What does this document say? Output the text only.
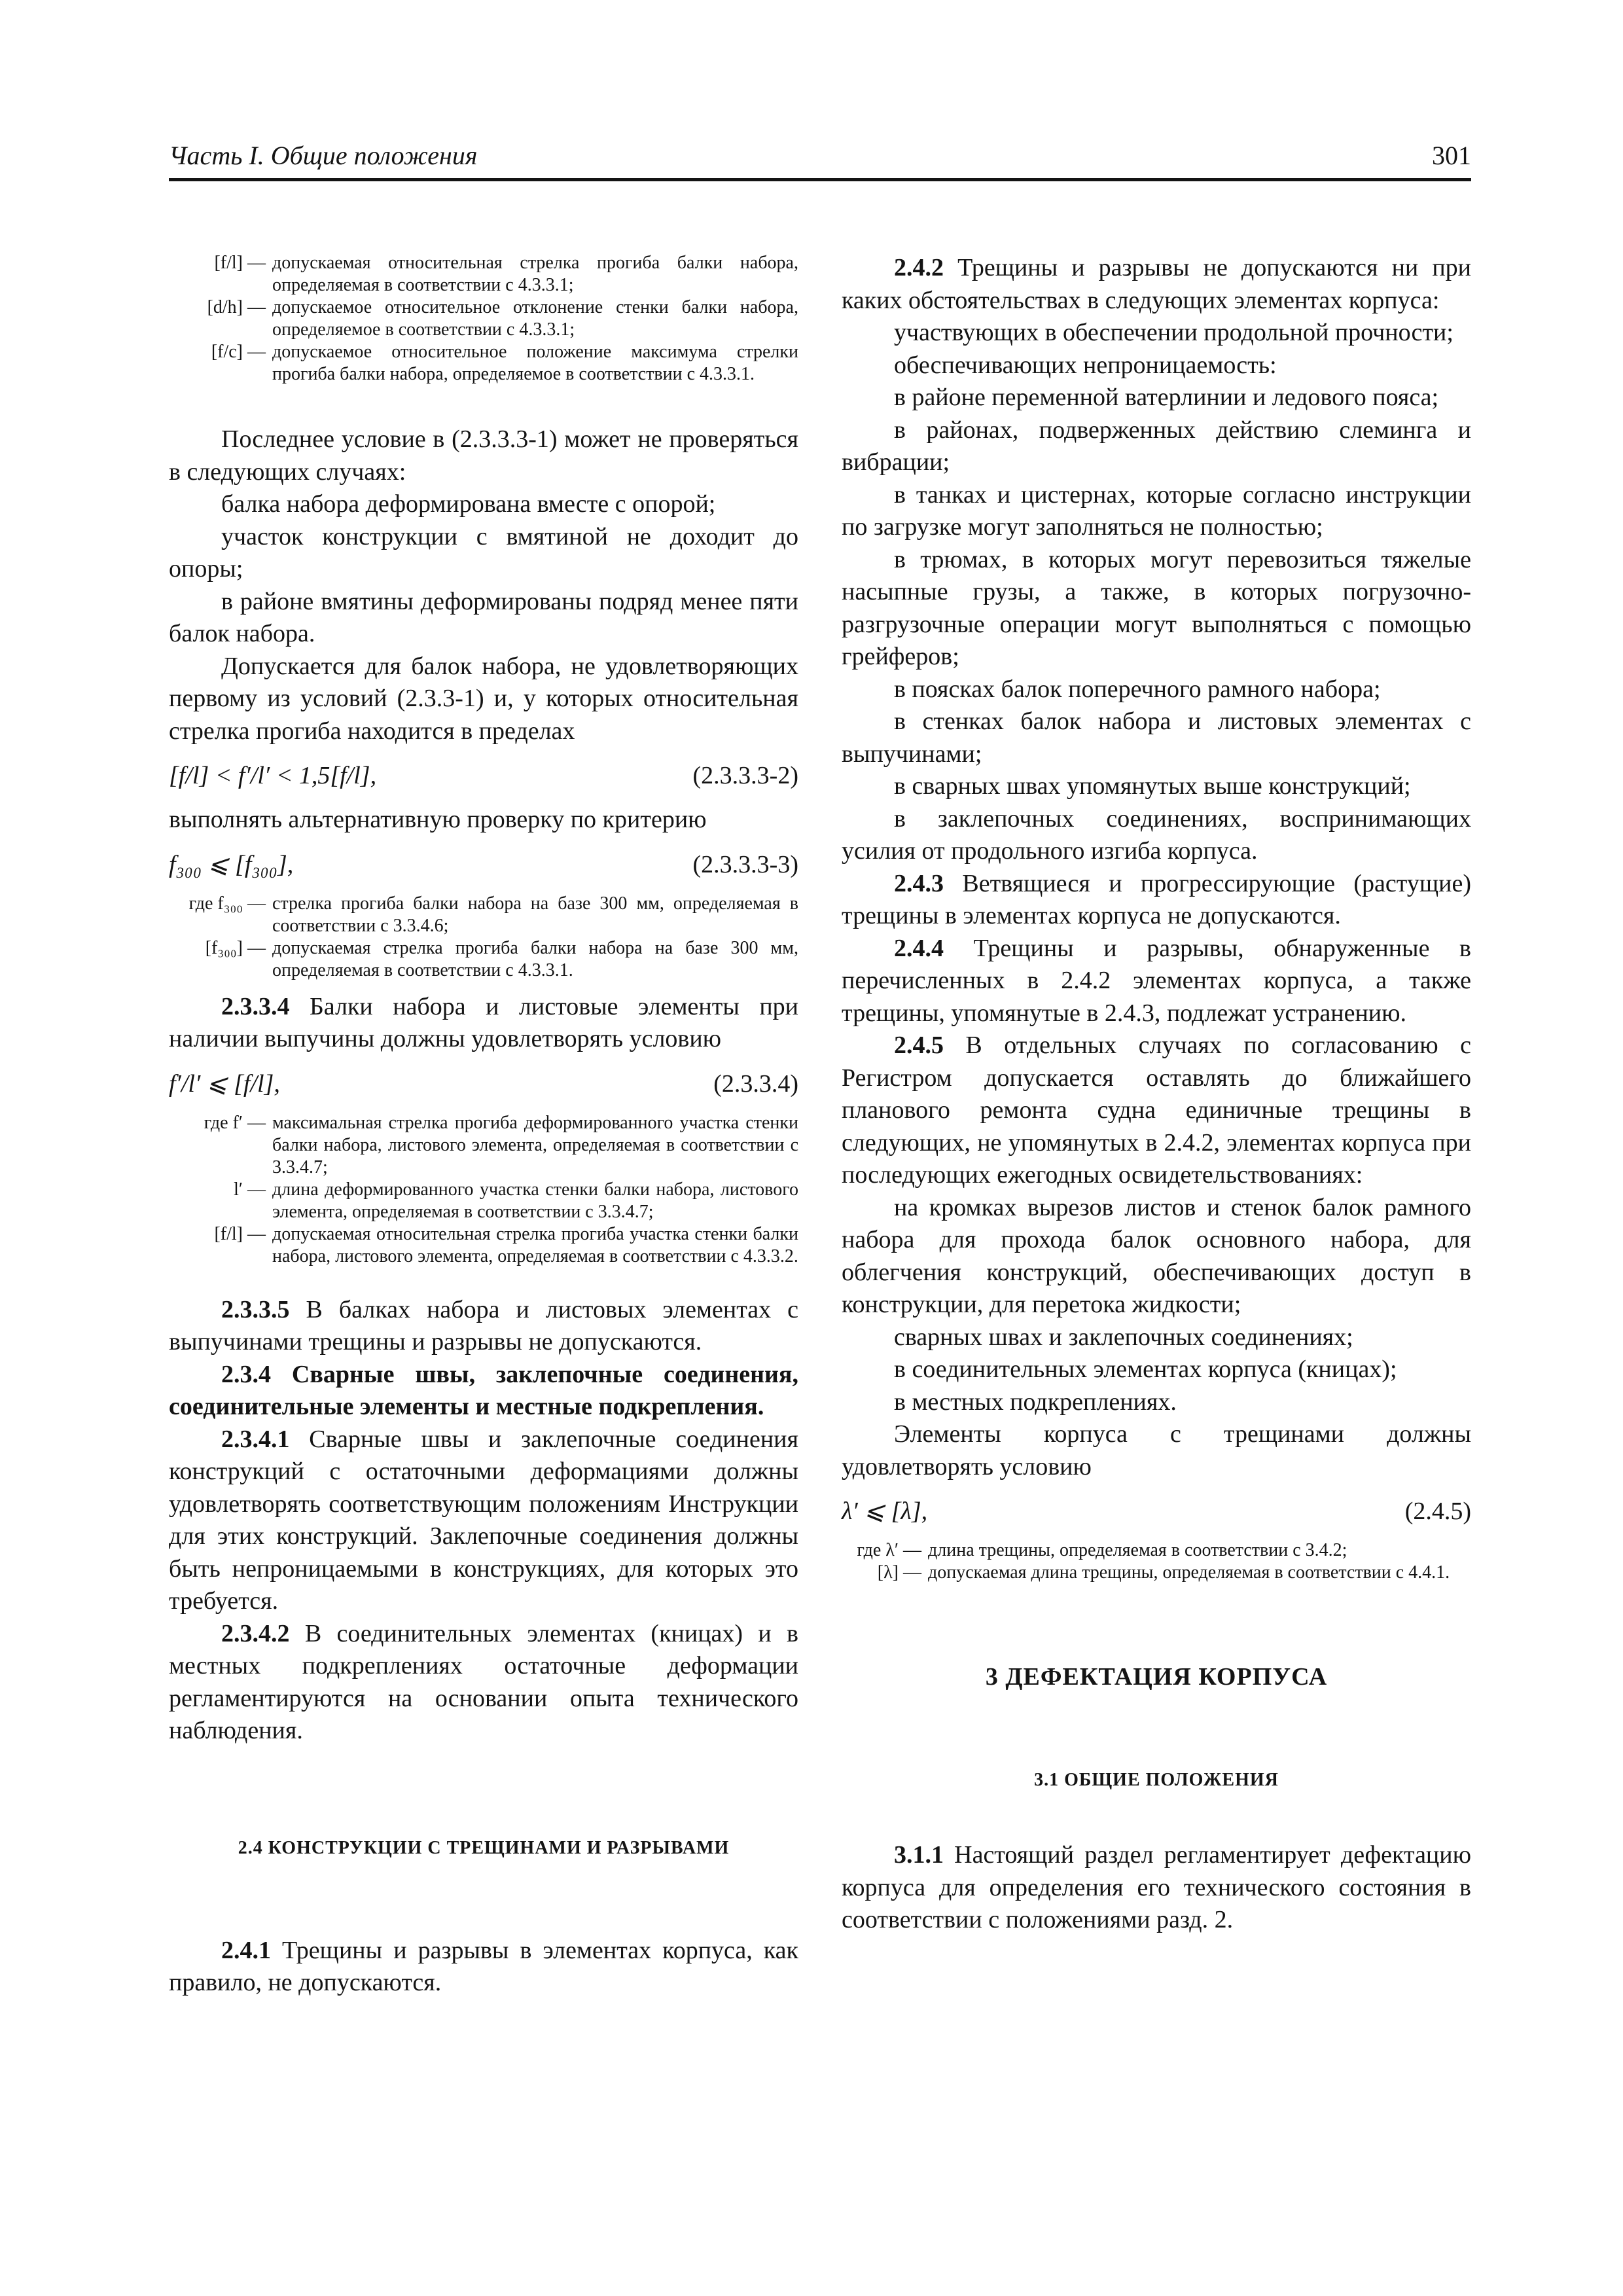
Часть I. Общие положения	301
[f/l] — допускаемая относительная стрелка прогиба балки набора, определяемая в соответствии с 4.3.3.1;
[d/h] — допускаемое относительное отклонение стенки балки набора, определяемое в соответствии с 4.3.3.1;
[f/c] — допускаемое относительное положение максимума стрелки прогиба балки набора, определяемое в соответствии с 4.3.3.1.

Последнее условие в (2.3.3.3-1) может не проверяться в следующих случаях:

балка набора деформирована вместе с опорой;

участок конструкции с вмятиной не доходит до опоры;

в районе вмятины деформированы подряд менее пяти балок набора.

Допускается для балок набора, не удовлетворяющих первому из условий (2.3.3-1) и, у которых относительная стрелка прогиба находится в пределах

[f/l] < f′/l′ < 1,5[f/l],	(2.3.3.3-2)

выполнять альтернативную проверку по критерию

f₃₀₀ ⩽ [f₃₀₀],	(2.3.3.3-3)
где f₃₀₀ — стрелка прогиба балки набора на базе 300 мм, определяемая в соответствии с 3.3.4.6;
[f₃₀₀] — допускаемая стрелка прогиба балки набора на базе 300 мм, определяемая в соответствии с 4.3.3.1.

2.3.3.4 Балки набора и листовые элементы при наличии выпучины должны удовлетворять условию

f′/l′ ⩽ [f/l],	(2.3.3.4)
где f′ — максимальная стрелка прогиба деформированного участка стенки балки набора, листового элемента, определяемая в соответствии с 3.3.4.7;
l′ — длина деформированного участка стенки балки набора, листового элемента, определяемая в соответствии с 3.3.4.7;
[f/l] — допускаемая относительная стрелка прогиба участка стенки балки набора, листового элемента, определяемая в соответствии с 4.3.3.2.

2.3.3.5 В балках набора и листовых элементах с выпучинами трещины и разрывы не допускаются.

2.3.4 Сварные швы, заклепочные соединения, соединительные элементы и местные подкрепления.

2.3.4.1 Сварные швы и заклепочные соединения конструкций с остаточными деформациями должны удовлетворять соответствующим положениям Инструкции для этих конструкций. Заклепочные соединения должны быть непроницаемыми в конструкциях, для которых это требуется.

2.3.4.2 В соединительных элементах (кницах) и в местных подкреплениях остаточные деформации регламентируются на основании опыта технического наблюдения.

2.4 КОНСТРУКЦИИ С ТРЕЩИНАМИ И РАЗРЫВАМИ

2.4.1 Трещины и разрывы в элементах корпуса, как правило, не допускаются.

2.4.2 Трещины и разрывы не допускаются ни при каких обстоятельствах в следующих элементах корпуса:

участвующих в обеспечении продольной прочности;

обеспечивающих непроницаемость:

в районе переменной ватерлинии и ледового пояса;

в районах, подверженных действию слеминга и вибрации;

в танках и цистернах, которые согласно инструкции по загрузке могут заполняться не полностью;

в трюмах, в которых могут перевозиться тяжелые насыпные грузы, а также, в которых погрузочно-разгрузочные операции могут выполняться с помощью грейферов;

в поясках балок поперечного рамного набора;

в стенках балок набора и листовых элементах с выпучинами;

в сварных швах упомянутых выше конструкций;

в заклепочных соединениях, воспринимающих усилия от продольного изгиба корпуса.

2.4.3 Ветвящиеся и прогрессирующие (растущие) трещины в элементах корпуса не допускаются.

2.4.4 Трещины и разрывы, обнаруженные в перечисленных в 2.4.2 элементах корпуса, а также трещины, упомянутые в 2.4.3, подлежат устранению.

2.4.5 В отдельных случаях по согласованию с Регистром допускается оставлять до ближайшего планового ремонта судна единичные трещины в следующих, не упомянутых в 2.4.2, элементах корпуса при последующих ежегодных освидетельствованиях:

на кромках вырезов листов и стенок балок рамного набора для прохода балок основного набора, для облегчения конструкций, обеспечивающих доступ в конструкции, для перетока жидкости;

сварных швах и заклепочных соединениях;

в соединительных элементах корпуса (кницах);

в местных подкреплениях.

Элементы корпуса с трещинами должны удовлетворять условию

λ′ ⩽ [λ],	(2.4.5)
где λ′ — длина трещины, определяемая в соответствии с 3.4.2;
[λ] — допускаемая длина трещины, определяемая в соответствии с 4.4.1.
3 ДЕФЕКТАЦИЯ КОРПУСА
3.1 ОБЩИЕ ПОЛОЖЕНИЯ

3.1.1 Настоящий раздел регламентирует дефектацию корпуса для определения его технического состояния в соответствии с положениями разд. 2.
